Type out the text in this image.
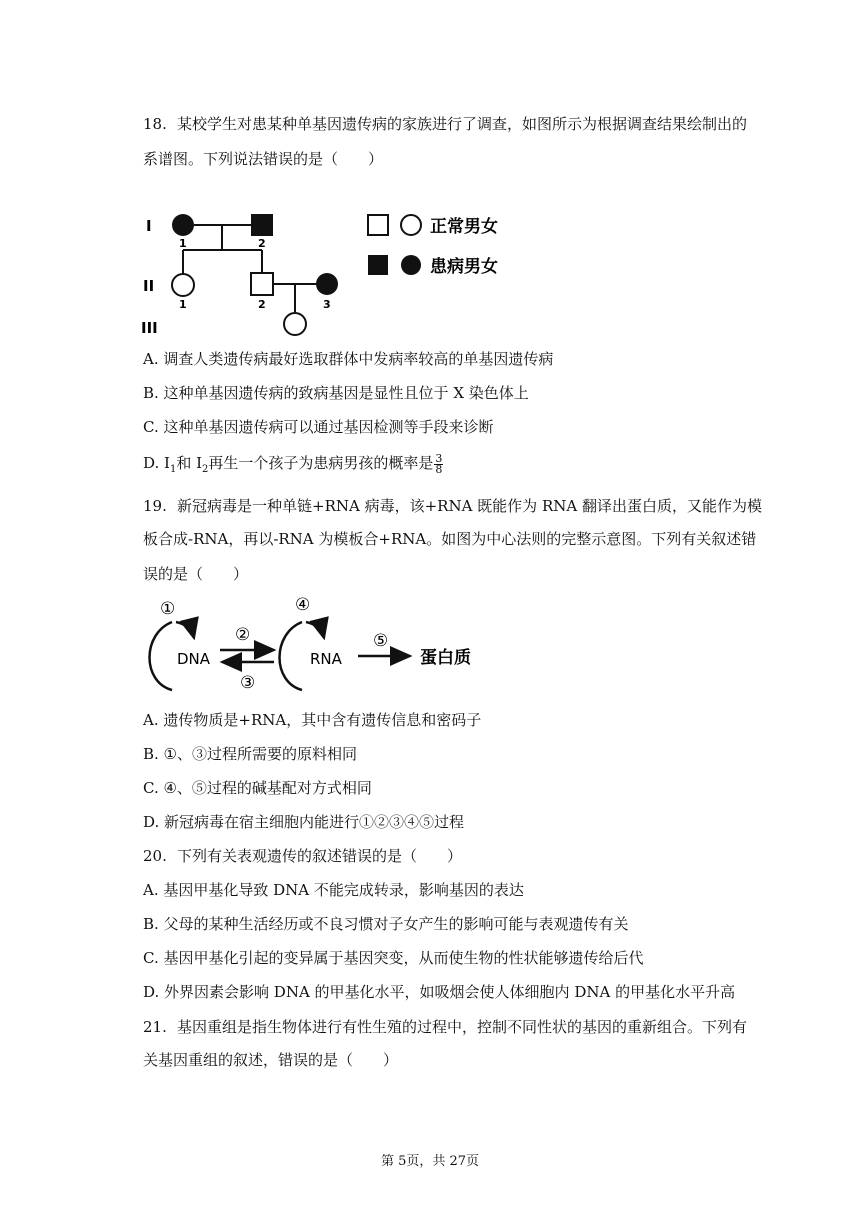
18. 某校学生对患某种单基因遗传病的家族进行了调查，如图所示为根据调查结果绘制出的
系谱图。下列说法错误的是（　　）
I
II
III
1	2
1	2	3
正常男女
患病男女
A. 调查人类遗传病最好选取群体中发病率较高的单基因遗传病
B. 这种单基因遗传病的致病基因是显性且位于 X 染色体上
C. 这种单基因遗传病可以通过基因检测等手段来诊断
D. $I_1$和 $I_2$再生一个孩子为患病男孩的概率是 $\frac{3}{8}$
19. 新冠病毒是一种单链+RNA 病毒，该+RNA 既能作为 RNA 翻译出蛋白质，又能作为模
板合成-RNA，再以-RNA 为模板合+RNA。如图为中心法则的完整示意图。下列有关叙述错
误的是（　　）
①
DNA
②
③
④
RNA
⑤
蛋白质
A. 遗传物质是+RNA，其中含有遗传信息和密码子
B. ①、③过程所需要的原料相同
C. ④、⑤过程的碱基配对方式相同
D. 新冠病毒在宿主细胞内能进行①②③④⑤过程
20. 下列有关表观遗传的叙述错误的是（　　）
A. 基因甲基化导致 DNA 不能完成转录，影响基因的表达
B. 父母的某种生活经历或不良习惯对子女产生的影响可能与表观遗传有关
C. 基因甲基化引起的变异属于基因突变，从而使生物的性状能够遗传给后代
D. 外界因素会影响 DNA 的甲基化水平，如吸烟会使人体细胞内 DNA 的甲基化水平升高
21. 基因重组是指生物体进行有性生殖的过程中，控制不同性状的基因的重新组合。下列有
关基因重组的叙述，错误的是（　　）
第 5页，共 27页
